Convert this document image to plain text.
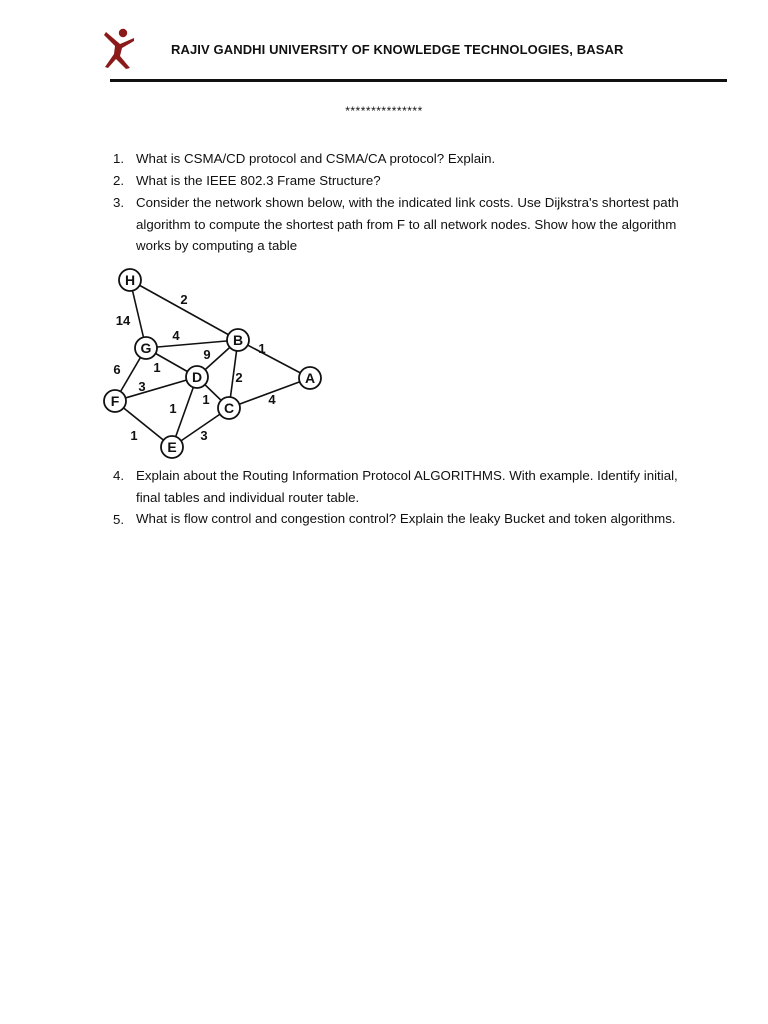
RAJIV GANDHI UNIVERSITY OF KNOWLEDGE TECHNOLOGIES, BASAR
***************
1. What is CSMA/CD protocol and CSMA/CA protocol? Explain.
2. What is the IEEE 802.3 Frame Structure?
3. Consider the network shown below, with the indicated link costs. Use Dijkstra's shortest path algorithm to compute the shortest path from F to all network nodes. Show how the algorithm works by computing a table
2
14
4
1
6
9	1
2
3
1
1	4
1	3
H
G	B
D	A
F	C
E
4. Explain about the Routing Information Protocol ALGORITHMS. With example. Identify initial, final tables and individual router table.
5. What is flow control and congestion control? Explain the leaky Bucket and token algorithms.
